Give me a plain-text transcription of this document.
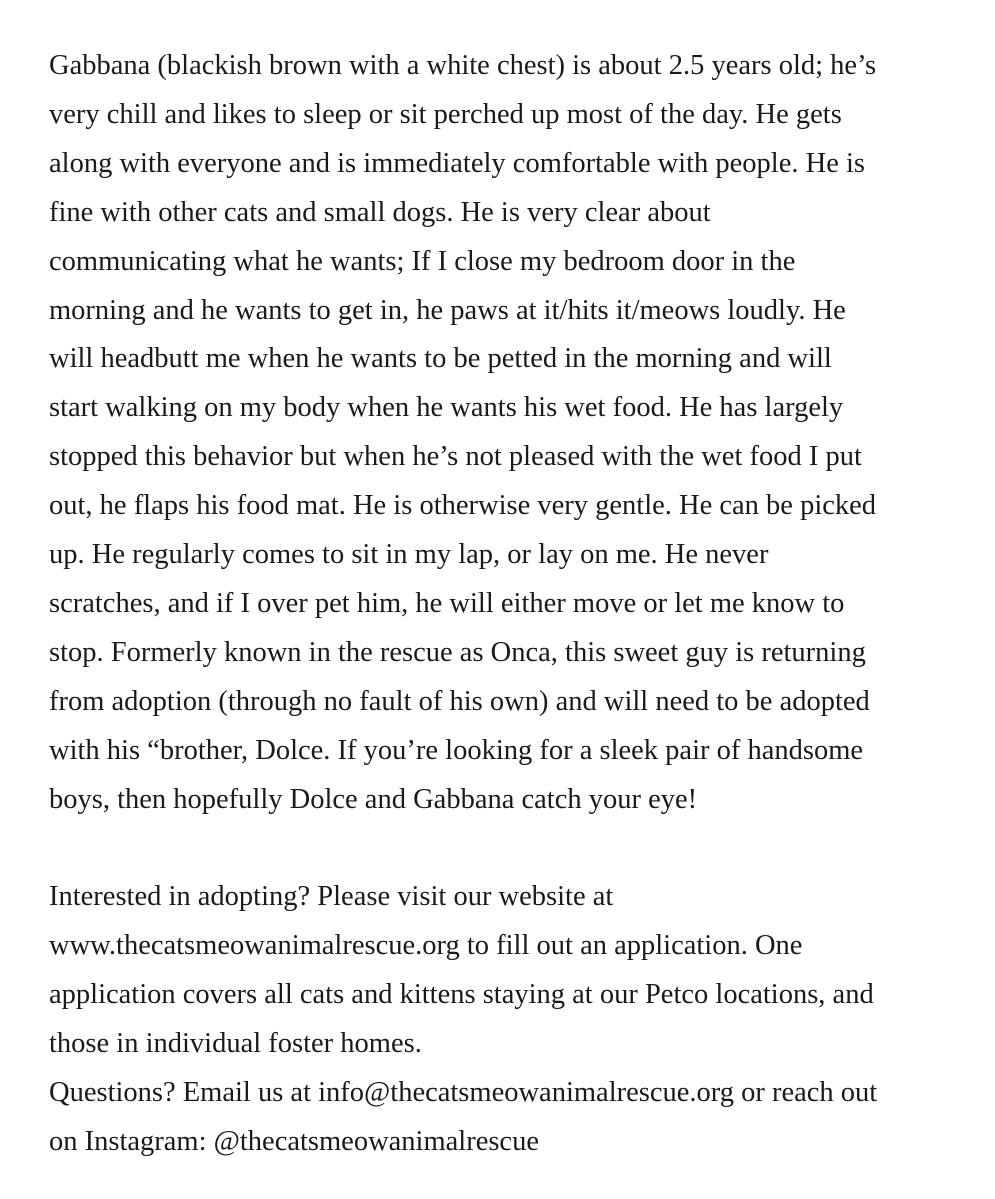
Gabbana (blackish brown with a white chest) is about 2.5 years old; he’s
very chill and likes to sleep or sit perched up most of the day. He gets
along with everyone and is immediately comfortable with people. He is
fine with other cats and small dogs. He is very clear about
communicating what he wants; If I close my bedroom door in the
morning and he wants to get in, he paws at it/hits it/meows loudly. He
will headbutt me when he wants to be petted in the morning and will
start walking on my body when he wants his wet food. He has largely
stopped this behavior but when he’s not pleased with the wet food I put
out, he flaps his food mat. He is otherwise very gentle. He can be picked
up. He regularly comes to sit in my lap, or lay on me. He never
scratches, and if I over pet him, he will either move or let me know to
stop. Formerly known in the rescue as Onca, this sweet guy is returning
from adoption (through no fault of his own) and will need to be adopted
with his “brother, Dolce. If you’re looking for a sleek pair of handsome
boys, then hopefully Dolce and Gabbana catch your eye!
Interested in adopting? Please visit our website at
www.thecatsmeowanimalrescue.org to fill out an application. One
application covers all cats and kittens staying at our Petco locations, and
those in individual foster homes.
Questions? Email us at info@thecatsmeowanimalrescue.org or reach out
on Instagram: @thecatsmeowanimalrescue
